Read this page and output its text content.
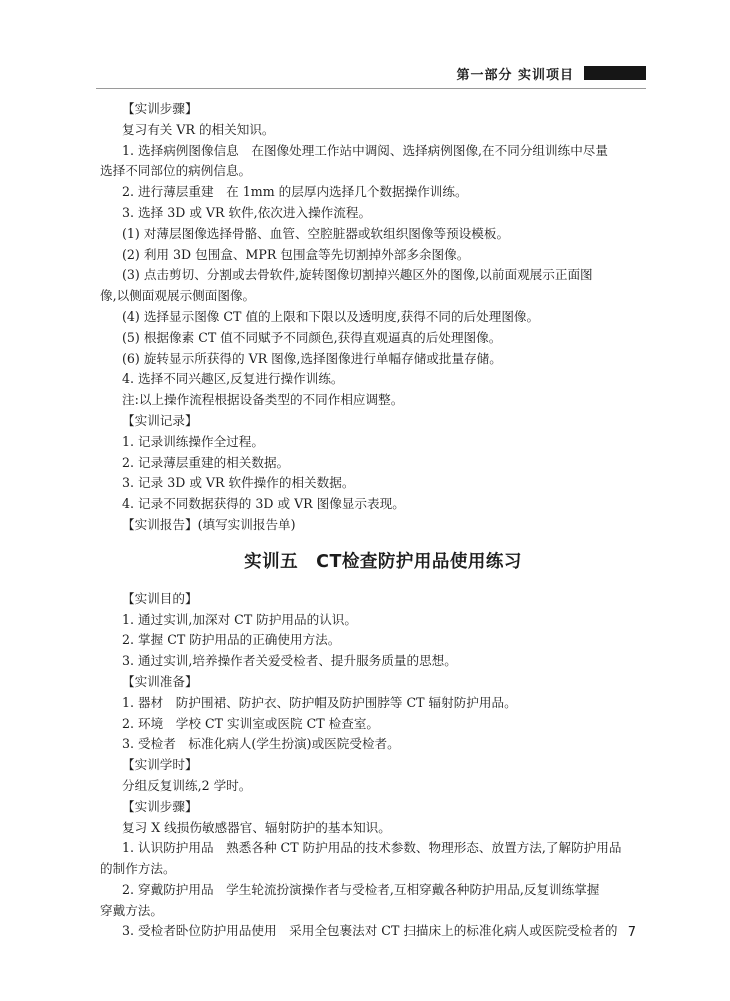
第一部分 实训项目
【实训步骤】
复习有关 VR 的相关知识。
1. 选择病例图像信息　在图像处理工作站中调阅、选择病例图像,在不同分组训练中尽量
选择不同部位的病例信息。
2. 进行薄层重建　在 1mm 的层厚内选择几个数据操作训练。
3. 选择 3D 或 VR 软件,依次进入操作流程。
(1) 对薄层图像选择骨骼、血管、空腔脏器或软组织图像等预设模板。
(2) 利用 3D 包围盒、MPR 包围盒等先切割掉外部多余图像。
(3) 点击剪切、分割或去骨软件,旋转图像切割掉兴趣区外的图像,以前面观展示正面图
像,以侧面观展示侧面图像。
(4) 选择显示图像 CT 值的上限和下限以及透明度,获得不同的后处理图像。
(5) 根据像素 CT 值不同赋予不同颜色,获得直观逼真的后处理图像。
(6) 旋转显示所获得的 VR 图像,选择图像进行单幅存储或批量存储。
4. 选择不同兴趣区,反复进行操作训练。
注:以上操作流程根据设备类型的不同作相应调整。
【实训记录】
1. 记录训练操作全过程。
2. 记录薄层重建的相关数据。
3. 记录 3D 或 VR 软件操作的相关数据。
4. 记录不同数据获得的 3D 或 VR 图像显示表现。
【实训报告】(填写实训报告单)
实训五　CT检查防护用品使用练习
【实训目的】
1. 通过实训,加深对 CT 防护用品的认识。
2. 掌握 CT 防护用品的正确使用方法。
3. 通过实训,培养操作者关爱受检者、提升服务质量的思想。
【实训准备】
1. 器材　防护围裙、防护衣、防护帽及防护围脖等 CT 辐射防护用品。
2. 环境　学校 CT 实训室或医院 CT 检查室。
3. 受检者　标准化病人(学生扮演)或医院受检者。
【实训学时】
分组反复训练,2 学时。
【实训步骤】
复习 X 线损伤敏感器官、辐射防护的基本知识。
1. 认识防护用品　熟悉各种 CT 防护用品的技术参数、物理形态、放置方法,了解防护用品
的制作方法。
2. 穿戴防护用品　学生轮流扮演操作者与受检者,互相穿戴各种防护用品,反复训练掌握
穿戴方法。
3. 受检者卧位防护用品使用　采用全包裹法对 CT 扫描床上的标准化病人或医院受检者的 7
